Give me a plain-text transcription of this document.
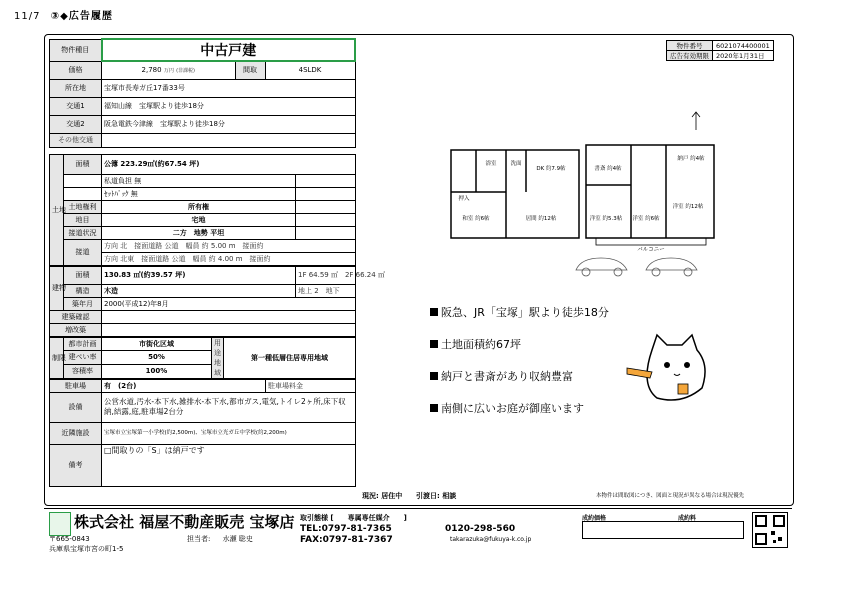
11/7 ③◆広告履歴
物件種目	中古戸建		
価格	2,780 万円 (非課税)	間取	4SLDK
所在地	宝塚市長寿ガ丘17番33号		
交通1	福知山線　宝塚駅より徒歩18分		
交通2	阪急電鉄今津線　宝塚駅より徒歩18分		
その他交通			
土地	面積	公簿 223.29㎡(約67.54 坪)	
		私道負担 無	
		ｾｯﾄﾊﾞｯｸ 無	
	土地権利	所有権	
	地目	宅地	
	接道状況	二方　 地勢 平坦	
	接道	方向 北　接面道路 公道　幅員 約 5.00 m　接面約	
		方向 北東　接面道路 公道　幅員 約 4.00 m　接面約	
建物	面積	130.83 ㎡(約39.57 坪)	1F 64.59 ㎡　2F 66.24 ㎡
	構造	木造	地上 2　地下
	築年月	2000(平成12)年8月	
建築確認			
増改築			
制限	都市計画	市街化区域	用途地域	第一種低層住居専用地域
	建ぺい率	50%		
	容積率	100%		
駐車場	有　(2台)	駐車場料金
設備	公営水道,汚水-本下水,雑排水-本下水,都市ガス,電気,トイレ2ヶ所,床下収納,結露,庭,駐車場2台分	
近隣施設	宝塚市立宝塚第一小学校(約2,500m)、宝塚市立光ガ丘中学校(約2,200m)	
備考	□間取りの「S」は納戸です	
物件番号	6021074400001
広告有効期限	2020年1月31日
浴室	洗面
DK 約7.9帖
和室 約6帖	居間 約12帖
押入
書斎 約4帖
納戸 約4帖
洋室 約5.3帖 洋室 約6帖
洋室 約12帖
バルコニー
阪急、JR「宝塚」駅より徒歩18分
土地面積約67坪
納戸と書斎があり収納豊富
南側に広いお庭が御座います
現況: 居住中 引渡日: 相談	本物件は間取図につき、図面と現況が異なる場合は現況優先
株式会社 福屋不動産販売 宝塚店
〒665-0843
兵庫県宝塚市宮の町1-5
担当者: 水瀬 聡史
取引態様 [ 専属専任媒介 ]
TEL:0797-81-7365
FAX:0797-81-7367
0120-298-560
takarazuka@fukuya-k.co.jp
成約価格	成約料
